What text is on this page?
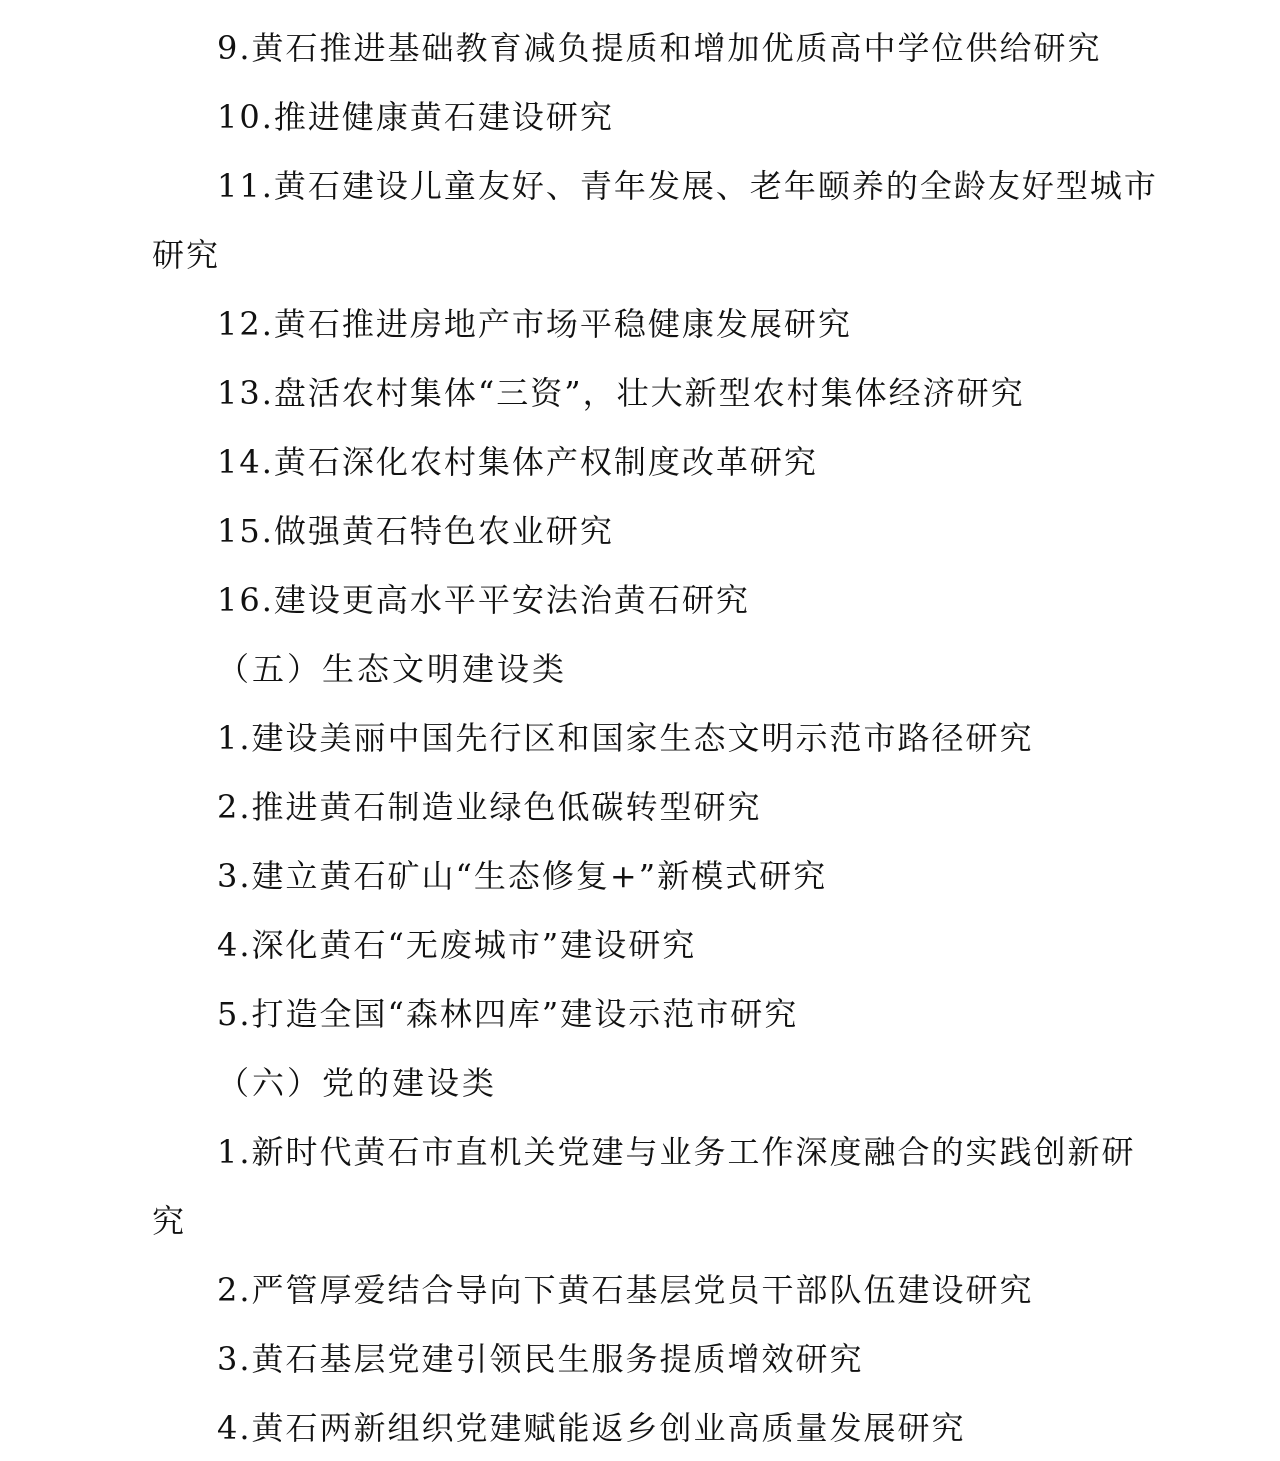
9.黄石推进基础教育减负提质和增加优质高中学位供给研究
10.推进健康黄石建设研究
11.黄石建设儿童友好、青年发展、老年颐养的全龄友好型城市
研究
12.黄石推进房地产市场平稳健康发展研究
13.盘活农村集体“三资”，壮大新型农村集体经济研究
14.黄石深化农村集体产权制度改革研究
15.做强黄石特色农业研究
16.建设更高水平平安法治黄石研究
（五）生态文明建设类
1.建设美丽中国先行区和国家生态文明示范市路径研究
2.推进黄石制造业绿色低碳转型研究
3.建立黄石矿山“生态修复+”新模式研究
4.深化黄石“无废城市”建设研究
5.打造全国“森林四库”建设示范市研究
（六）党的建设类
1.新时代黄石市直机关党建与业务工作深度融合的实践创新研
究
2.严管厚爱结合导向下黄石基层党员干部队伍建设研究
3.黄石基层党建引领民生服务提质增效研究
4.黄石两新组织党建赋能返乡创业高质量发展研究
